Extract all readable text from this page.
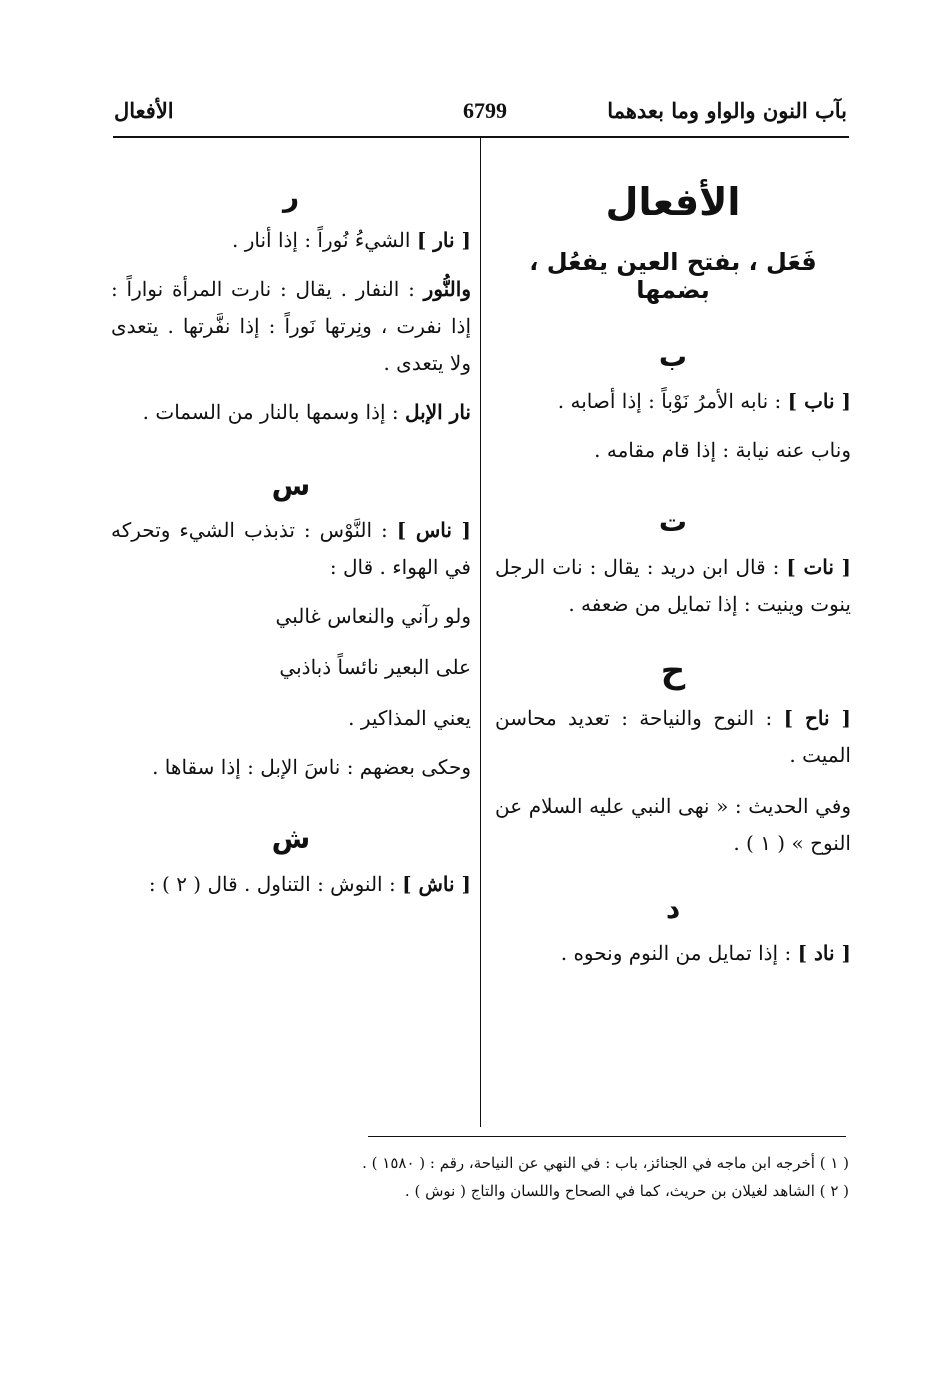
بآب النون والواو وما بعدهما
6799
الأفعال
الأفعال
فَعَل ، بفتح العين يفعُل ، بضمها
ب

[ ناب ] : نابه الأمرُ نَوْباً : إذا أصابه .

وناب عنه نيابة : إذا قام مقامه .

ت

[ نات ] : قال ابن دريد : يقال : نات الرجل ينوت وينيت : إذا تمايل من ضعفه .

ح

[ ناح ] : النوح والنياحة : تعديد محاسن الميت .

وفي الحديث : « نهى النبي عليه السلام عن النوح » ( ١ ) .

د

[ ناد ] : إذا تمايل من النوم ونحوه .

ر

[ نار ] الشيءُ نُوراً : إذا أنار .

والنُّور : النفار . يقال : نارت المرأة نواراً : إذا نفرت ، ونِرتها نَوراً : إذا نفَّرتها . يتعدى ولا يتعدى .

نار الإبل : إذا وسمها بالنار من السمات .

س

[ ناس ] : النَّوْس : تذبذب الشيء وتحركه في الهواء . قال :

ولو رآني والنعاس غالبي

على البعير نائساً ذباذبي

يعني المذاكير .

وحكى بعضهم : ناسَ الإبل : إذا سقاها .

ش

[ ناش ] : النوش : التناول . قال ( ٢ ) :

( ١ ) أخرجه ابن ماجه في الجنائز، باب : في النهي عن النياحة، رقم : ( ١٥٨٠ ) .

( ٢ ) الشاهد لغيلان بن حريث، كما في الصحاح واللسان والتاج ( نوش ) .
